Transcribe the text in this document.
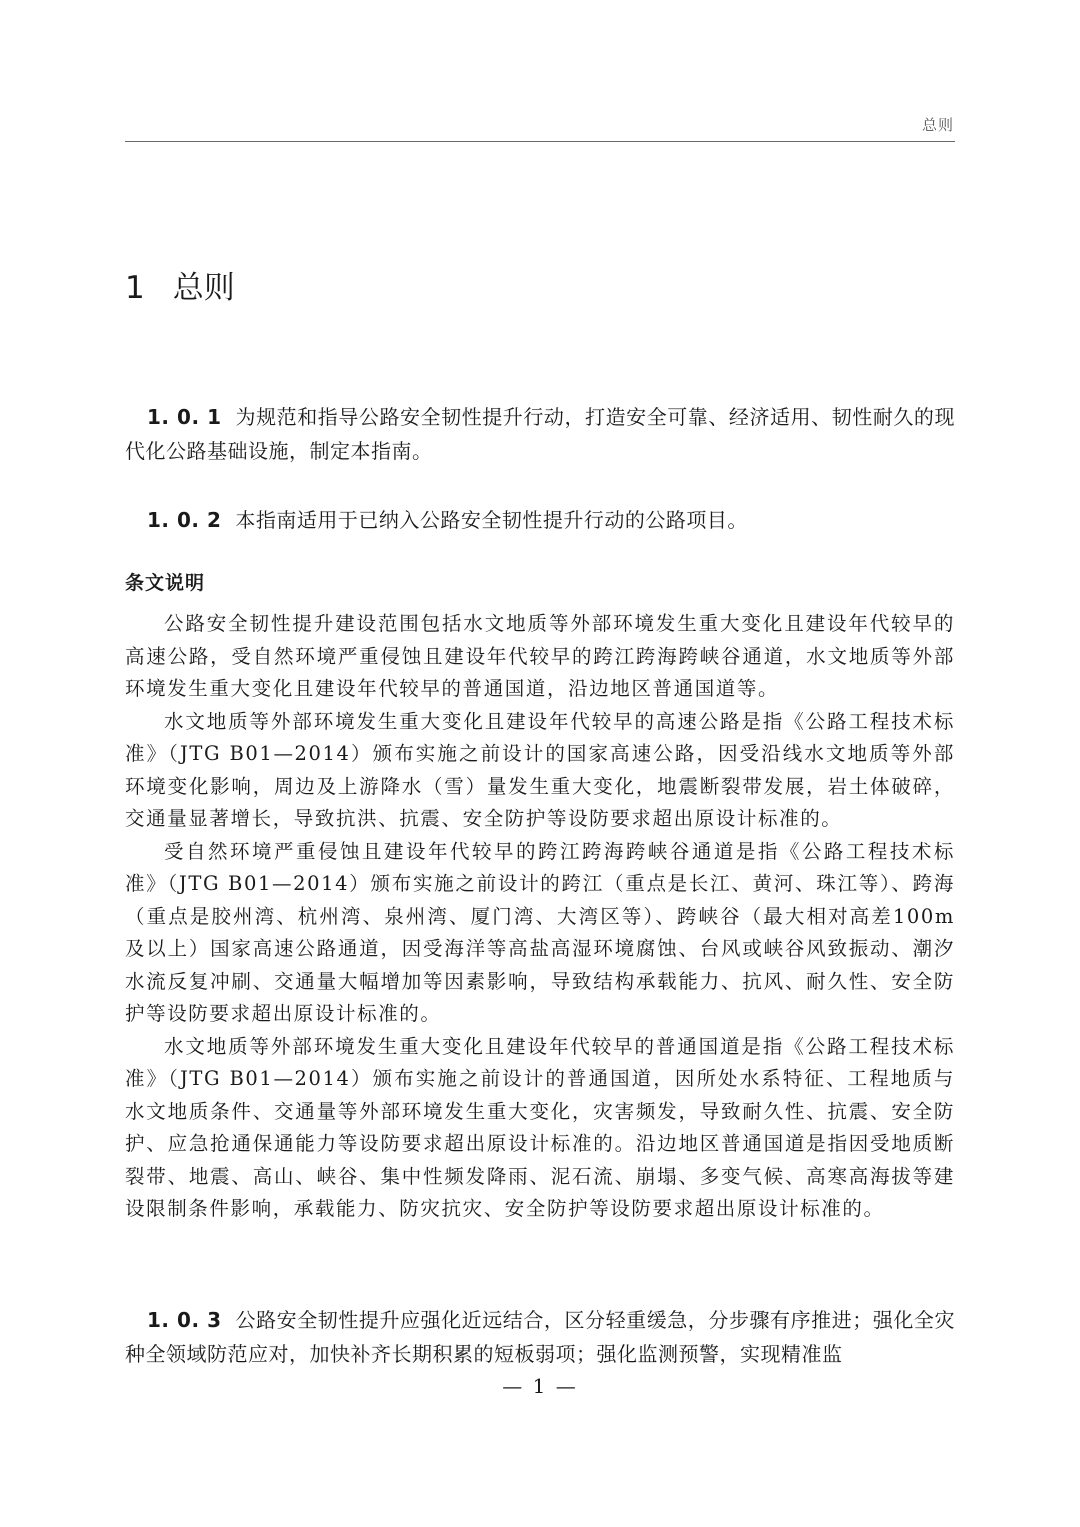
总则
1 总则
1. 0. 1 为规范和指导公路安全韧性提升行动，打造安全可靠、经济适用、韧性耐久的现代化公路基础设施，制定本指南。
1. 0. 2 本指南适用于已纳入公路安全韧性提升行动的公路项目。
条文说明

公路安全韧性提升建设范围包括水文地质等外部环境发生重大变化且建设年代较早的高速公路，受自然环境严重侵蚀且建设年代较早的跨江跨海跨峡谷通道，水文地质等外部环境发生重大变化且建设年代较早的普通国道，沿边地区普通国道等。

水文地质等外部环境发生重大变化且建设年代较早的高速公路是指《公路工程技术标准》（JTG B01—2014）颁布实施之前设计的国家高速公路，因受沿线水文地质等外部环境变化影响，周边及上游降水（雪）量发生重大变化，地震断裂带发展，岩土体破碎，交通量显著增长，导致抗洪、抗震、安全防护等设防要求超出原设计标准的。

受自然环境严重侵蚀且建设年代较早的跨江跨海跨峡谷通道是指《公路工程技术标准》（JTG B01—2014）颁布实施之前设计的跨江（重点是长江、黄河、珠江等）、跨海（重点是胶州湾、杭州湾、泉州湾、厦门湾、大湾区等）、跨峡谷（最大相对高差100m及以上）国家高速公路通道，因受海洋等高盐高湿环境腐蚀、台风或峡谷风致振动、潮汐水流反复冲刷、交通量大幅增加等因素影响，导致结构承载能力、抗风、耐久性、安全防护等设防要求超出原设计标准的。

水文地质等外部环境发生重大变化且建设年代较早的普通国道是指《公路工程技术标准》（JTG B01—2014）颁布实施之前设计的普通国道，因所处水系特征、工程地质与水文地质条件、交通量等外部环境发生重大变化，灾害频发，导致耐久性、抗震、安全防护、应急抢通保通能力等设防要求超出原设计标准的。沿边地区普通国道是指因受地质断裂带、地震、高山、峡谷、集中性频发降雨、泥石流、崩塌、多变气候、高寒高海拔等建设限制条件影响，承载能力、防灾抗灾、安全防护等设防要求超出原设计标准的。

1. 0. 3 公路安全韧性提升应强化近远结合，区分轻重缓急，分步骤有序推进；强化全灾种全领域防范应对，加快补齐长期积累的短板弱项；强化监测预警，实现精准监
— 1 —
